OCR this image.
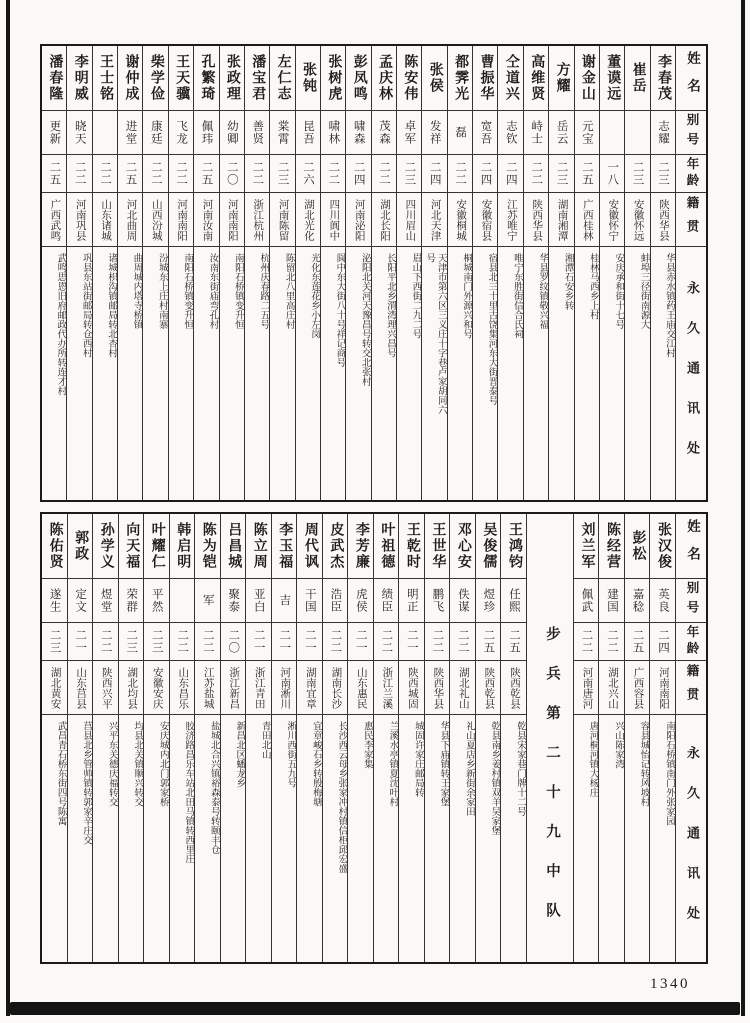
姓名
别号
年龄
籍贯
永久通讯处
李春茂
志耀
二三
陕西华县
华县赤水镇药王庙交江村
崔岳
二三
安徽怀远
蚌埠三径街南源大
董谟远
一八
安徽怀宁
安庆承和街十七号
谢金山
元宝
二五
广西桂林
桂林马西乡上村
方耀
岳云
二三
湖南湘潭
湘潭石安乡转
高维贤
峙士
二二
陕西华县
华县罗纹镇敬兴福
仝道兴
志钦
二四
江苏唯宁
唯宁东胜街信合氏祠
曹振华
宽吾
二四
安徽宿县
宿县北三十里古饶集河东大街晋泰号
都霁光
磊
二二
安徽桐城
桐城南门外源兴和号
张侯
发祥
二四
河北天津
天津市第六区三义庄十字巷卢家胡同六号
陈安伟
卓军
二三
四川眉山
眉山下西街二九二号
孟庆林
茂森
二二
湖北长阳
长阳平北乡渭湾理兴昌号
彭凤鸣
啸森
二四
河南泌阳
泌阳北关河天豫昌号转交北张村
张树虎
啸林
二二
四川阆中
阆中东大街八十号祥记商号
张钝
昆吾
二六
湖北光化
光化东莲花乡小左岗
左仁志
棠霄
二三
河南陈留
陈留北八里高庄村
潘宝君
善贤
二二
浙江杭州
杭州庆春路二五号
张政理
幼卿
二〇
河南南阳
南阳石桥镇变升恒
孔繁琦
佩玮
二五
河南汝南
汝南东街庙弯孔村
王天骥
飞龙
二二
河南南阳
南阳石桥镇变升恒
柴学俭
康廷
二二
山西汾城
汾城东上庄村南寨
谢仲成
进堂
二五
河北曲周
曲周城内塔寺桥镇
王士铭
二二
山东诸城
诸城枳沟镇邮局转北杏村
李明威
晓天
二二
河南巩县
巩县东站街邮局转仓西村
潘春隆
更新
二五
广西武鸣
武鸣思恩旧府邮政代办所转连才村
姓名
别号
年龄
籍贯
永久通讯处
张汉俊
英良
二四
河南南阳
南阳石桥镇南门外张家园
彭松
嘉稔
二五
广西容县
容县城怡记转风坡村
陈经营
建国
二二
湖北兴山
兴山陈家湾
刘兰军
佩武
二二
河南唐河
唐河桐河镇大杨庄
步兵第二十九中队
王鸿钧
任熙
二五
陕西乾县
乾县宋家巷门牌十二号
吴俊儒
煜珍
二五
陕西乾县
乾县南乡姜村镇双羊吴家堡
邓心安
佚谋
二二
湖北礼山
礼山夏店乡新街余家田
王世华
鹏飞
二二
陕西华县
华县下庙镇转王家堡
王乾时
明正
二一
陕西城固
城固许家庄邮局转
叶祖德
绩臣
二二
浙江兰溪
兰溪水亭镇夏沈叶村
李芳廉
虎侯
二一
山东惠民
惠民李家集
皮武杰
浩臣
二二
湖南长沙
长沙西云母乡张家冲村镇信柜邱宏盛
周代讽
干国
二一
湖南宜章
宜章峻石乡转殷梅塘
李玉福
吉
二一
河南淅川
淅川西街五九号
陈立周
亚白
二一
浙江青田
青田北山
吕昌城
聚泰
二〇
浙江新昌
新昌北区蟠龙乡
陈为铠
军
二二
江苏盐城
盐城北合兴镇裕森泰号转颐丰仓
韩启明
二二
山东昌乐
胶济路昌乐车站北田马镇转西里庄
叶耀仁
平然
二三
安徽安庆
安庆城内北门郭家桥
向天福
荣群
二三
湖北均县
均县北关镇顺兴转交
孙学义
煜堂
二二
陕西兴平
兴平东关德庆福转交
郭政
定文
二一
山东莒县
莒县北乡管帅镇转郭家辛庄交
陈佑贤
遂生
二三
湖北黄安
武昌青石桥东街四号陈寓
1340
